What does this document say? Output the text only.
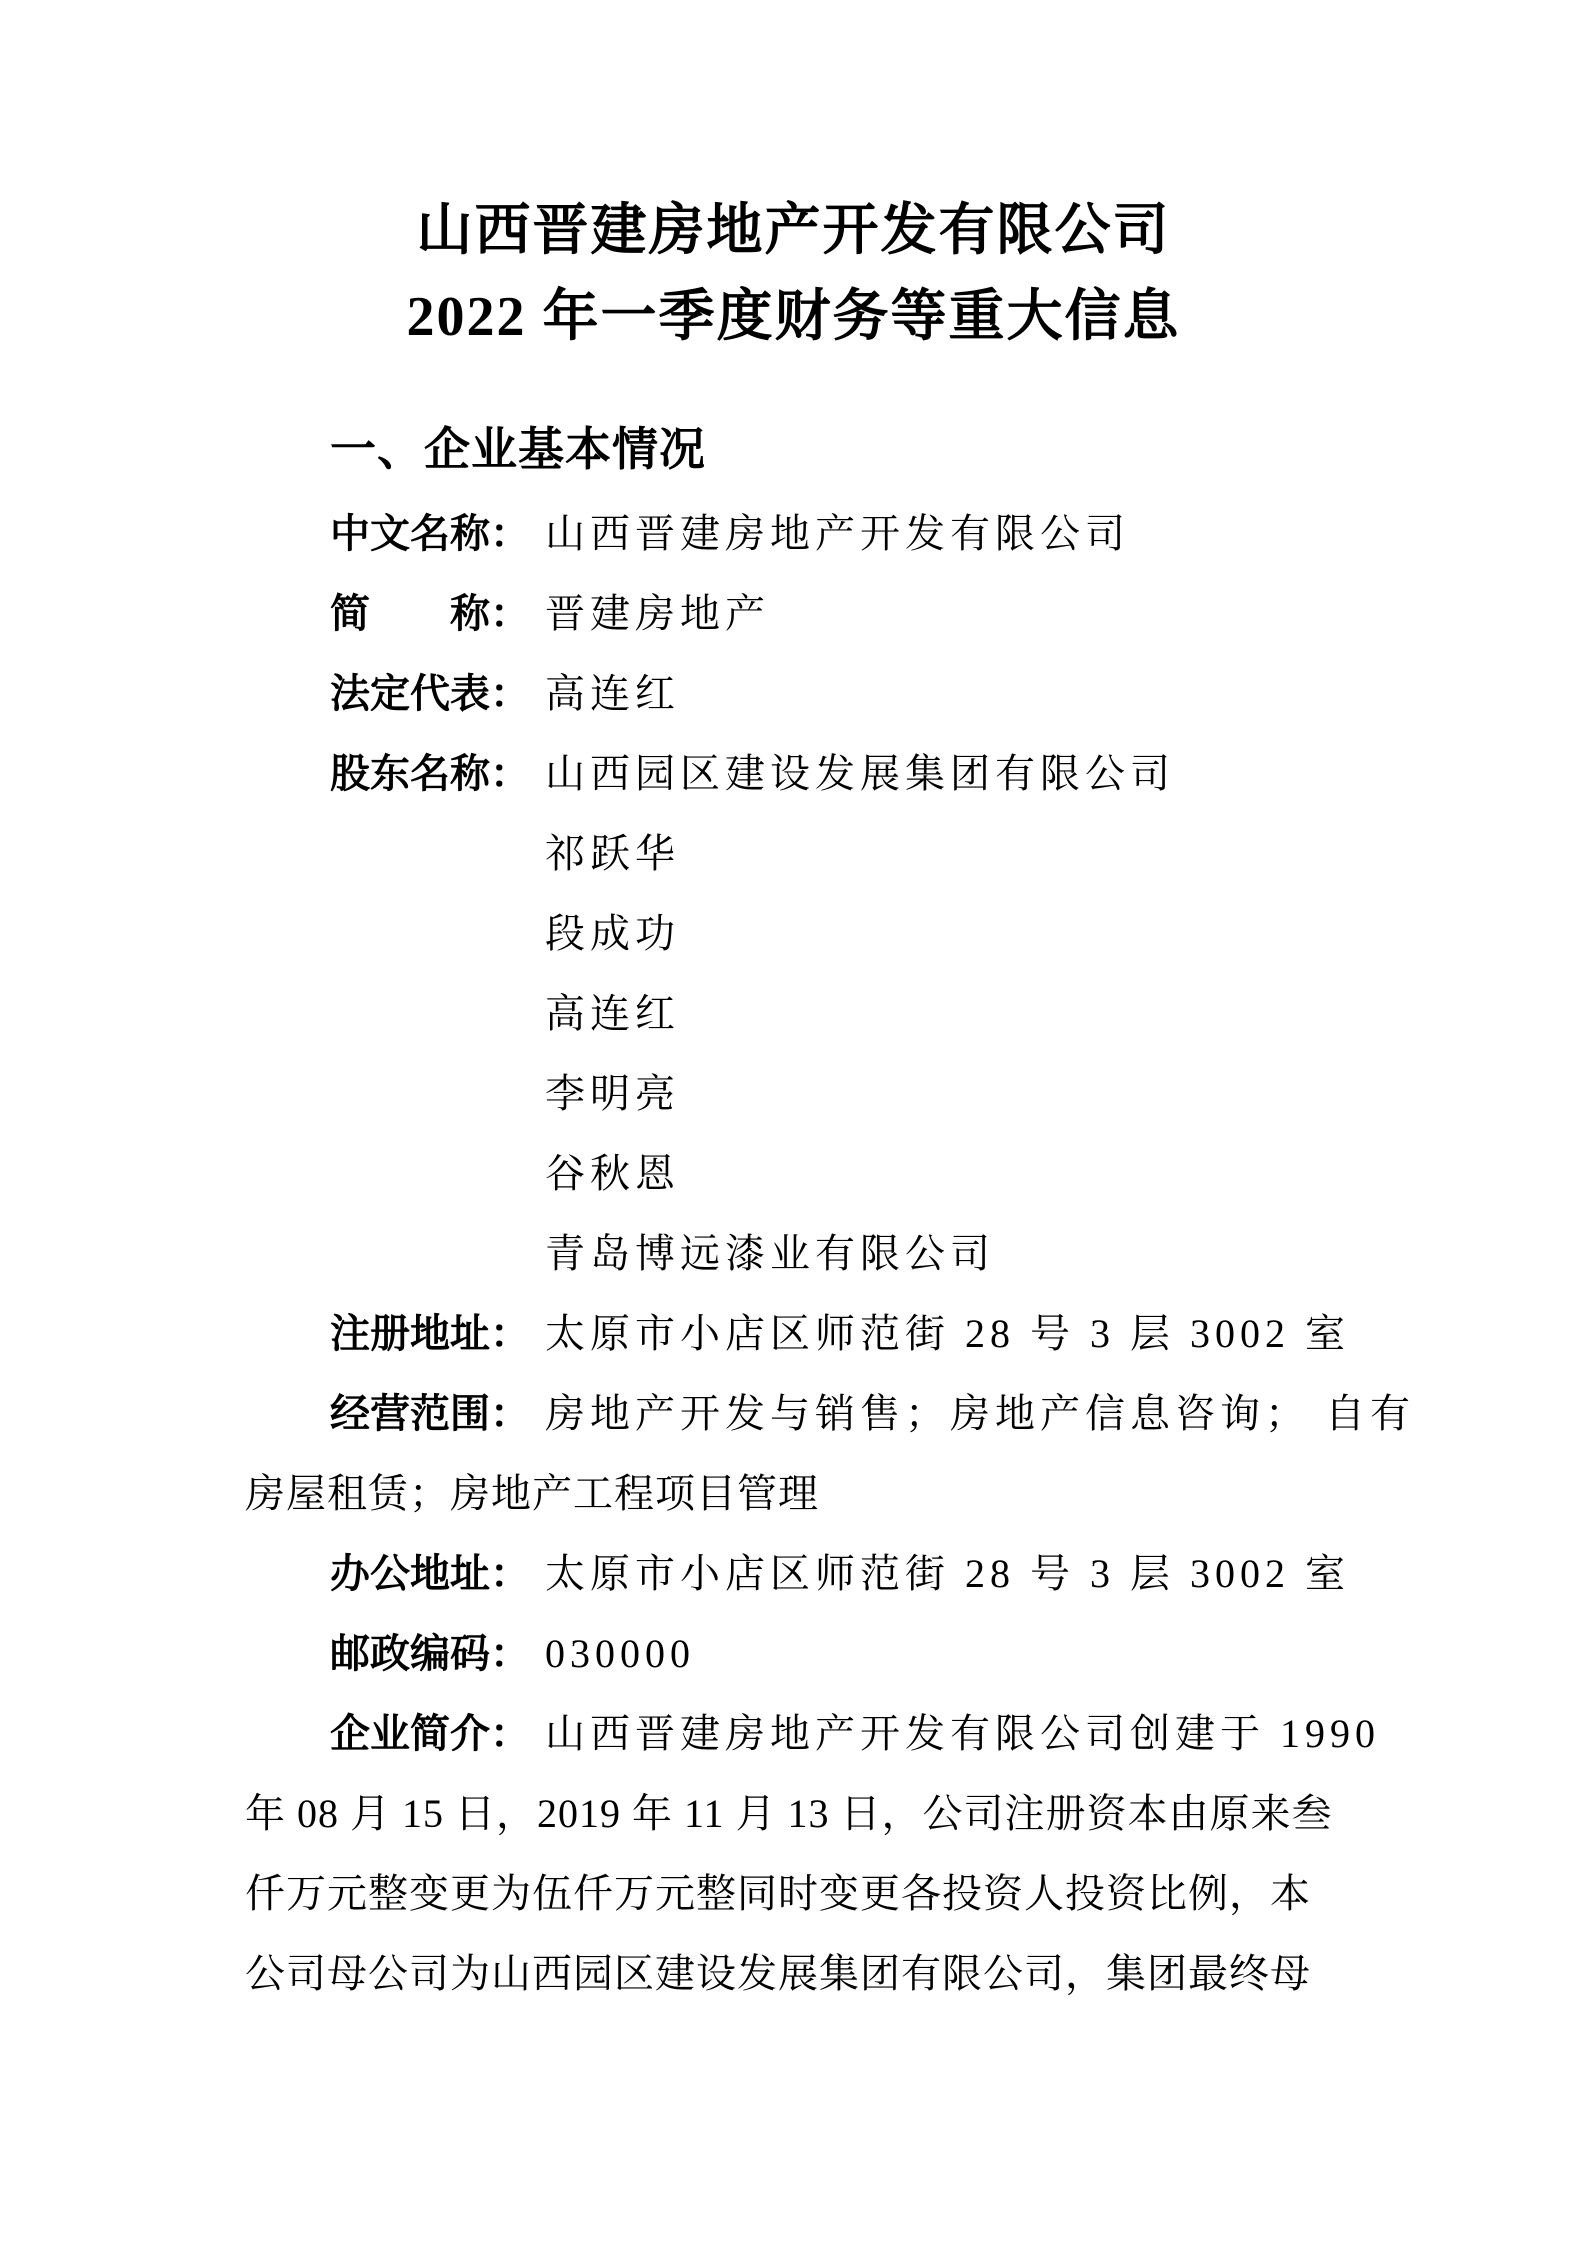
山西晋建房地产开发有限公司
2022 年一季度财务等重大信息
一、企业基本情况
中文名称： 山西晋建房地产开发有限公司
简　　称： 晋建房地产
法定代表： 高连红
股东名称： 山西园区建设发展集团有限公司
祁跃华
段成功
高连红
李明亮
谷秋恩
青岛博远漆业有限公司
注册地址： 太原市小店区师范街 28 号 3 层 3002 室
经营范围： 房地产开发与销售；房地产信息咨询； 自有
房屋租赁；房地产工程项目管理
办公地址： 太原市小店区师范街 28 号 3 层 3002 室
邮政编码： 030000
企业简介： 山西晋建房地产开发有限公司创建于 1990
年 08 月 15 日，2019 年 11 月 13 日，公司注册资本由原来叁
仟万元整变更为伍仟万元整同时变更各投资人投资比例，本
公司母公司为山西园区建设发展集团有限公司，集团最终母
